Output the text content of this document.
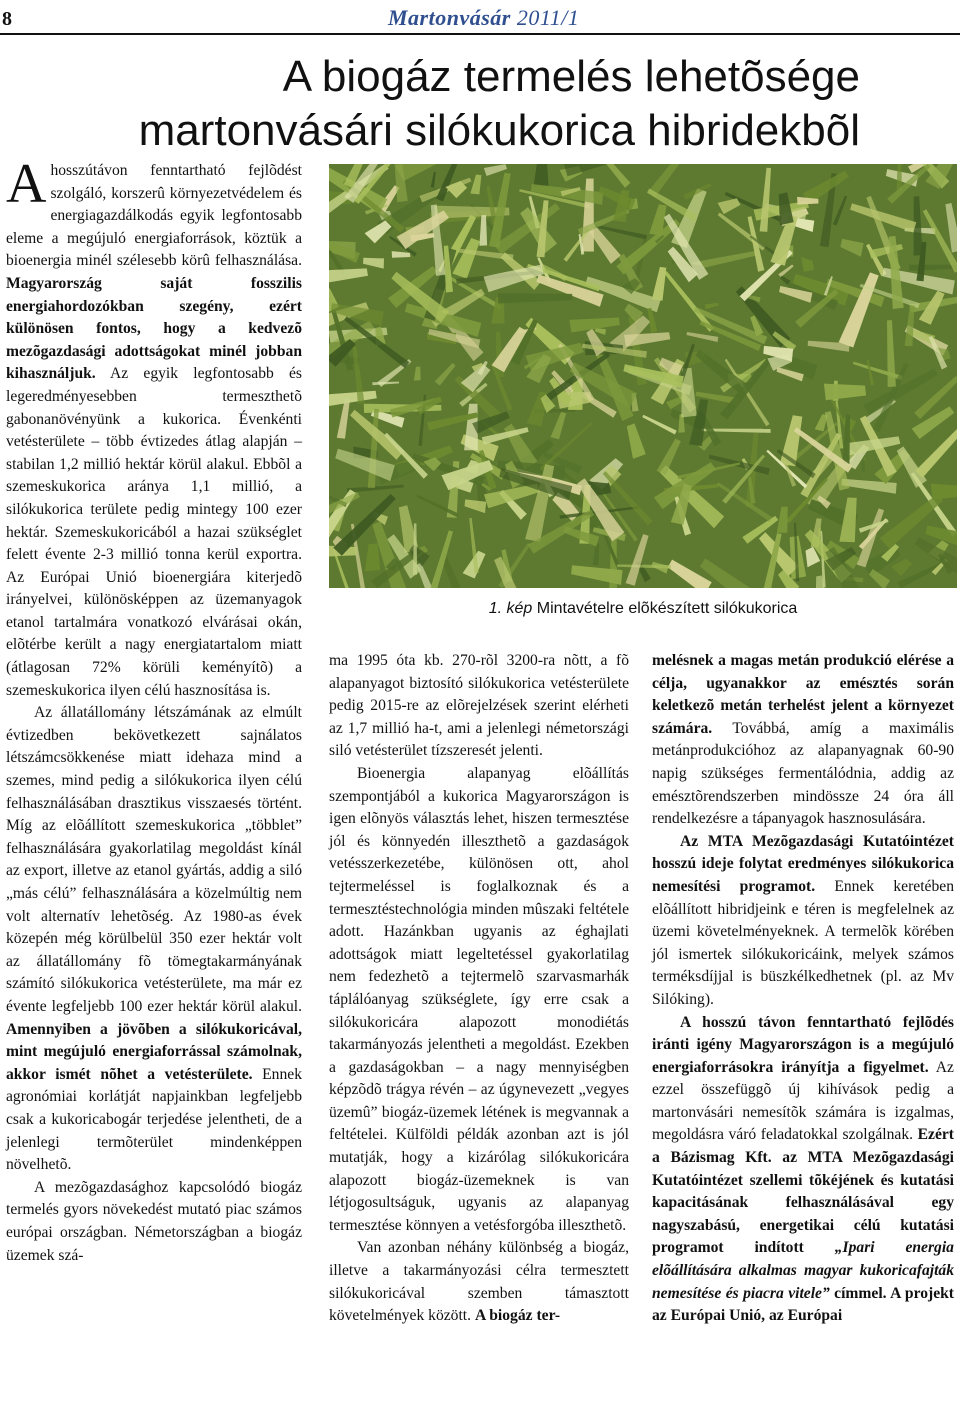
8	Martonvásár 2011/1
A biogáz termelés lehetõsége
martonvásári silókukorica hibridekbõl

Ahosszútávon fenntartható fejlõdést szolgáló, korszerû környezetvédelem és energiagazdálkodás egyik legfontosabb eleme a megújuló energiaforrások, köztük a bioenergia minél szélesebb körû felhasználása. Magyarország saját fosszilis energiahordozókban szegény, ezért különösen fontos, hogy a kedvezõ mezõgazdasági adottságokat minél jobban kihasználjuk. Az egyik legfontosabb és legeredményesebben termeszthetõ gabonanövényünk a kukorica. Évenkénti vetésterülete – több évtizedes átlag alapján – stabilan 1,2 millió hektár körül alakul. Ebbõl a szemeskukorica aránya 1,1 millió, a silókukorica területe pedig mintegy 100 ezer hektár. Szemeskukoricából a hazai szükséglet felett évente 2-3 millió tonna kerül exportra. Az Európai Unió bioenergiára kiterjedõ irányelvei, különösképpen az üzemanyagok etanol tartalmára vonatkozó elvárásai okán, elõtérbe került a nagy energiatartalom miatt (átlagosan 72% körüli keményítõ) a szemeskukorica ilyen célú hasznosítása is.

Az állatállomány létszámának az elmúlt évtizedben bekövetkezett sajnálatos létszámcsökkenése miatt idehaza mind a szemes, mind pedig a silókukorica ilyen célú felhasználásában drasztikus visszaesés történt. Míg az elõállított szemeskukorica „többlet” felhasználására gyakorlatilag megoldást kínál az export, illetve az etanol gyártás, addig a siló „más célú” felhasználására a közelmúltig nem volt alternatív lehetõség. Az 1980-as évek közepén még körülbelül 350 ezer hektár volt az állatállomány fõ tömegtakarmányának számító silókukorica vetésterülete, ma már ez évente legfeljebb 100 ezer hektár körül alakul. Amennyiben a jövõben a silókukoricával, mint megújuló energiaforrással számolnak, akkor ismét nõhet a vetésterülete. Ennek agronómiai korlátját napjainkban legfeljebb csak a kukoricabogár terjedése jelentheti, de a jelenlegi termõterület mindenképpen növelhetõ.

A mezõgazdasághoz kapcsolódó biogáz termelés gyors növekedést mutató piac számos európai országban. Németországban a biogáz üzemek szá-

1. kép Mintavételre elõkészített silókukorica

ma 1995 óta kb. 270-rõl 3200-ra nõtt, a fõ alapanyagot biztosító silókukorica vetésterülete pedig 2015-re az elõrejelzések szerint elérheti az 1,7 millió ha-t, ami a jelenlegi németországi siló vetésterület tízszeresét jelenti.

Bioenergia alapanyag elõállítás szempontjából a kukorica Magyarországon is igen elõnyös választás lehet, hiszen termesztése jól és könnyedén illeszthetõ a gazdaságok vetésszerkezetébe, különösen ott, ahol tejtermeléssel is foglalkoznak és a termesztéstechnológia minden mûszaki feltétele adott. Hazánkban ugyanis az éghajlati adottságok miatt legeltetéssel gyakorlatilag nem fedezhetõ a tejtermelõ szarvasmarhák táplálóanyag szükséglete, így erre csak a silókukoricára alapozott monodiétás takarmányozás jelentheti a megoldást. Ezekben a gazdaságokban – a nagy mennyiségben képzõdõ trágya révén – az úgynevezett „vegyes üzemû” biogáz-üzemek létének is megvannak a feltételei. Külföldi példák azonban azt is jól mutatják, hogy a kizárólag silókukoricára alapozott biogáz-üzemeknek is van létjogosultságuk, ugyanis az alapanyag termesztése könnyen a vetésforgóba illeszthetõ.

Van azonban néhány különbség a biogáz, illetve a takarmányozási célra termesztett silókukoricával szemben támasztott követelmények között. A biogáz ter-

melésnek a magas metán produkció elérése a célja, ugyanakkor az emésztés során keletkezõ metán terhelést jelent a környezet számára. Továbbá, amíg a maximális metánprodukcióhoz az alapanyagnak 60-90 napig szükséges fermentálódnia, addig az emésztõrendszerben mindössze 24 óra áll rendelkezésre a tápanyagok hasznosulására.

Az MTA Mezõgazdasági Kutatóintézet hosszú ideje folytat eredményes silókukorica nemesítési programot. Ennek keretében elõállított hibridjeink e téren is megfelelnek az üzemi követelményeknek. A termelõk körében jól ismertek silókukoricáink, melyek számos terméksdíjjal is büszkélkedhetnek (pl. az Mv Silóking).

A hosszú távon fenntartható fejlõdés iránti igény Magyarországon is a megújuló energiaforrásokra irányítja a figyelmet. Az ezzel összefüggõ új kihívások pedig a martonvásári nemesítõk számára is izgalmas, megoldásra váró feladatokkal szolgálnak. Ezért a Bázismag Kft. az MTA Mezõgazdasági Kutatóintézet szellemi tõkéjének és kutatási kapacitásának felhasználásával egy nagyszabású, energetikai célú kutatási programot indított „Ipari energia elõállítására alkalmas magyar kukoricafajták nemesítése és piacra vitele” címmel. A projekt az Európai Unió, az Európai
